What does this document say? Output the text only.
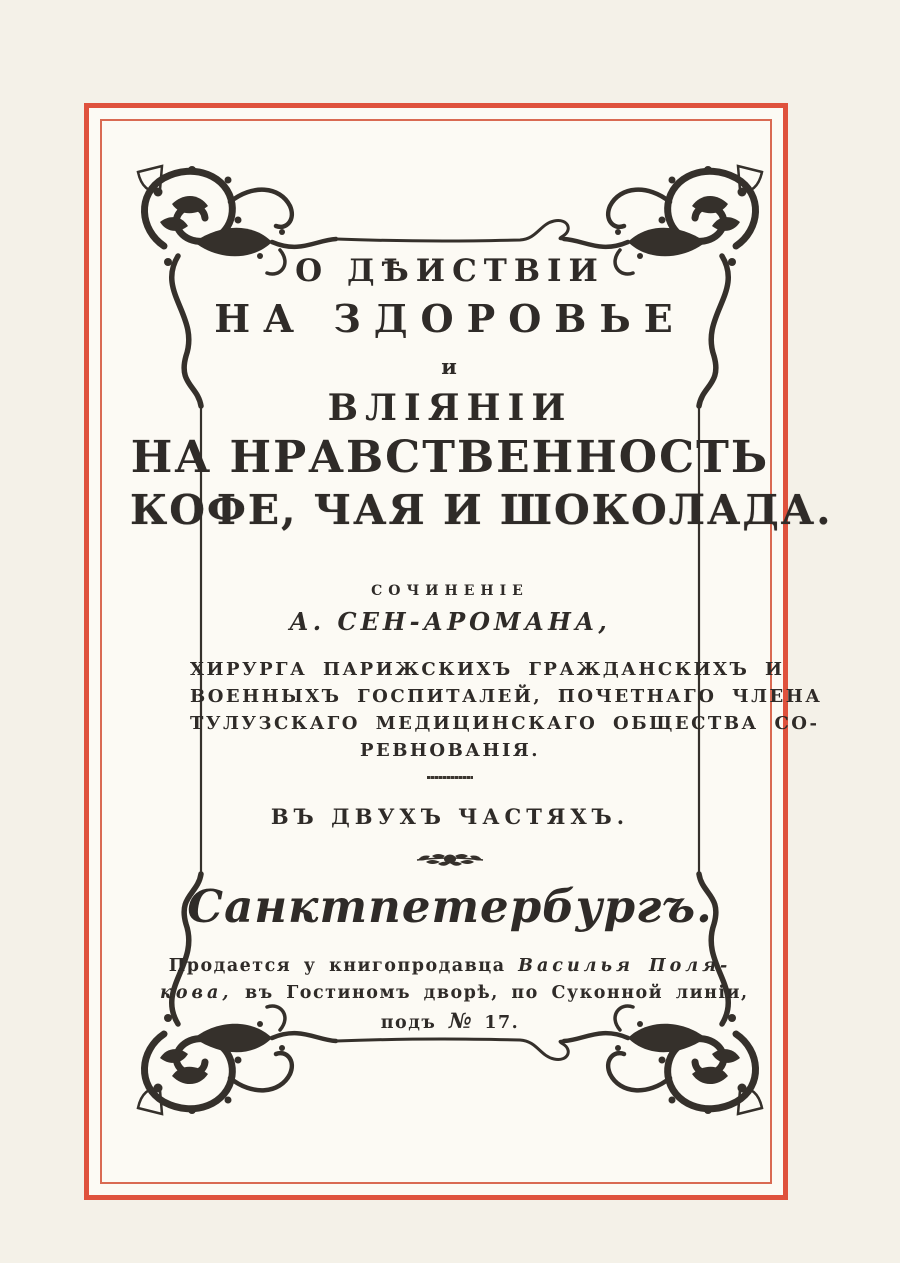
О ДѢИСТВІИ
НА ЗДОРОВЬЕ
и
ВЛІЯНІИ
НА НРАВСТВЕННОСТЬ
КОФЕ, ЧАЯ И ШОКОЛАДА.
СОЧИНЕНІЕ
А. СЕН-АРОМАНА,
ХИРУРГА ПАРИЖСКИХЪ ГРАЖДАНСКИХЪ И
ВОЕННЫХЪ ГОСПИТАЛЕЙ, ПОЧЕТНАГО ЧЛЕНА
ТУЛУЗСКАГО МЕДИЦИНСКАГО ОБЩЕСТВА СО-
РЕВНОВАНІЯ.
ВЪ ДВУХЪ ЧАСТЯХЪ.
Санктпетербургъ.
Продается у книгопродавца Василья Поля-
кова, въ Гостиномъ дворѣ, по Суконной линіи,
подъ № 17.
